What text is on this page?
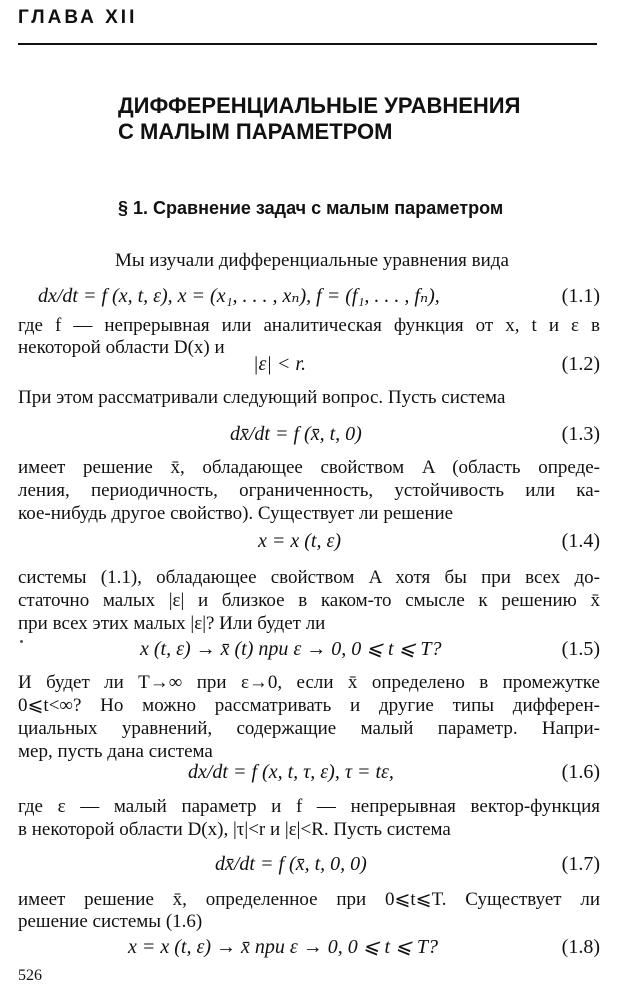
ГЛАВА XII
ДИФФЕРЕНЦИАЛЬНЫЕ УРАВНЕНИЯ
С МАЛЫМ ПАРАМЕТРОМ
§ 1. Сравнение задач с малым параметром
Мы изучали дифференциальные уравнения вида
dx/dt = f (x, t, ε), x = (x₁, . . . , xₙ), f = (f₁, . . . , fₙ),	(1.1)
где f — непрерывная или аналитическая функция от x, t и ε в
некоторой области D(x) и
|ε| < r.	(1.2)
При этом рассматривали следующий вопрос. Пусть система
dx̄/dt = f (x̄, t, 0)	(1.3)
имеет решение x̄, обладающее свойством A (область опреде-
ления, периодичность, ограниченность, устойчивость или ка-
кое-нибудь другое свойство). Существует ли решение
x = x (t, ε)	(1.4)
системы (1.1), обладающее свойством A хотя бы при всех до-
статочно малых |ε| и близкое в каком-то смысле к решению x̄
при всех этих малых |ε|? Или будет ли
x (t, ε) → x̄ (t) при ε → 0, 0 ⩽ t ⩽ T?	(1.5)
И будет ли T→∞ при ε→0, если x̄ определено в промежутке
0⩽t<∞? Но можно рассматривать и другие типы дифферен-
циальных уравнений, содержащие малый параметр. Напри-
мер, пусть дана система
dx/dt = f (x, t, τ, ε), τ = tε,	(1.6)
где ε — малый параметр и f — непрерывная вектор-функция
в некоторой области D(x), |τ|<r и |ε|<R. Пусть система
dx̄/dt = f (x̄, t, 0, 0)	(1.7)
имеет решение x̄, определенное при 0⩽t⩽T. Существует ли
решение системы (1.6)
x = x (t, ε) → x̄ при ε → 0, 0 ⩽ t ⩽ T?	(1.8)
526
